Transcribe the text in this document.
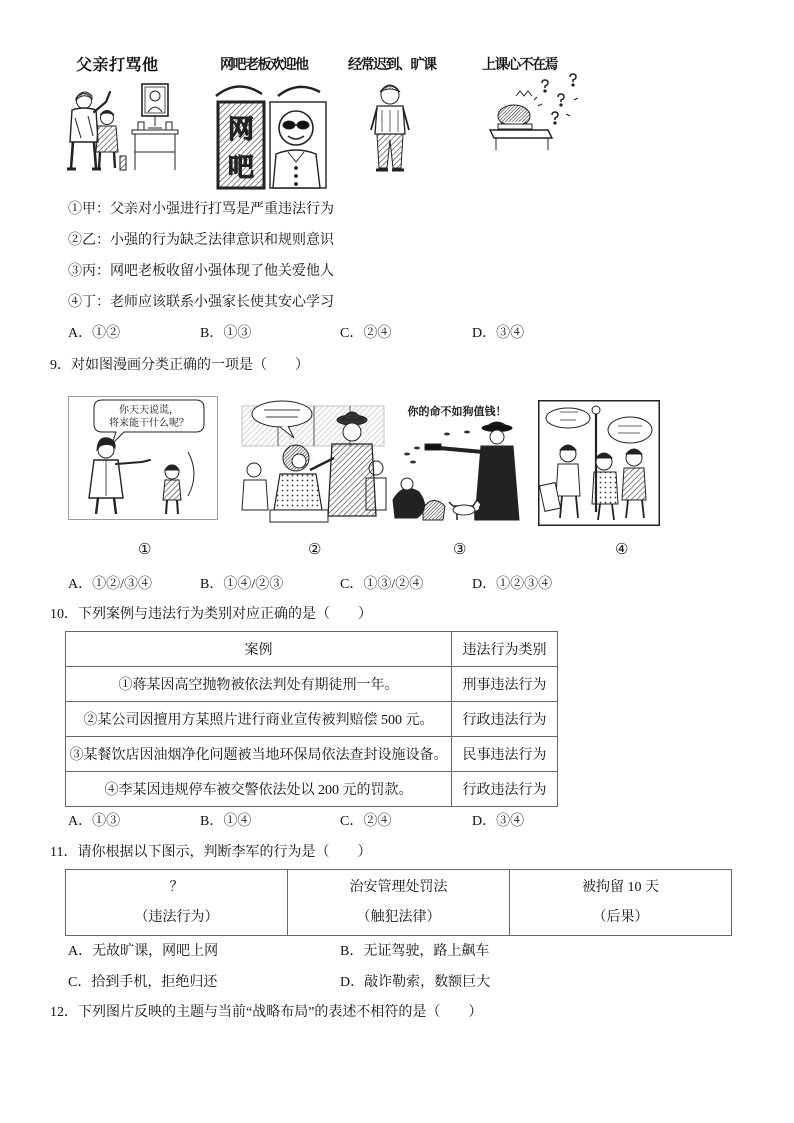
父亲打骂他	网吧老板欢迎他	经常迟到、旷课	上课心不在焉
网
吧
①甲：父亲对小强进行打骂是严重违法行为
②乙：小强的行为缺乏法律意识和规则意识
③丙：网吧老板收留小强体现了他关爱他人
④丁：老师应该联系小强家长使其安心学习
A．①②	B．①③	C．②④	D．③④
9．对如图漫画分类正确的一项是（　　）
你天天说谎，
将来能干什么呢？
你的命不如狗值钱！
①	②	③	④
A．①②/③④	B．①④/②③	C．①③/②④	D．①②③④
10．下列案例与违法行为类别对应正确的是（　　）
案例	违法行为类别
①蒋某因高空抛物被依法判处有期徒刑一年。	刑事违法行为
②某公司因擅用方某照片进行商业宣传被判赔偿 500 元。	行政违法行为
③某餐饮店因油烟净化问题被当地环保局依法查封设施设备。	民事违法行为
④李某因违规停车被交警依法处以 200 元的罚款。	行政违法行为
A．①③	B．①④	C．②④	D．③④
11．请你根据以下图示，判断李军的行为是（　　）
？
（违法行为）

治安管理处罚法
（触犯法律）

被拘留 10 天
（后果）
A．无故旷课，网吧上网	B．无证驾驶，路上飙车
C．拾到手机，拒绝归还	D．敲诈勒索，数额巨大
12．下列图片反映的主题与当前“战略布局”的表述不相符的是（　　）
